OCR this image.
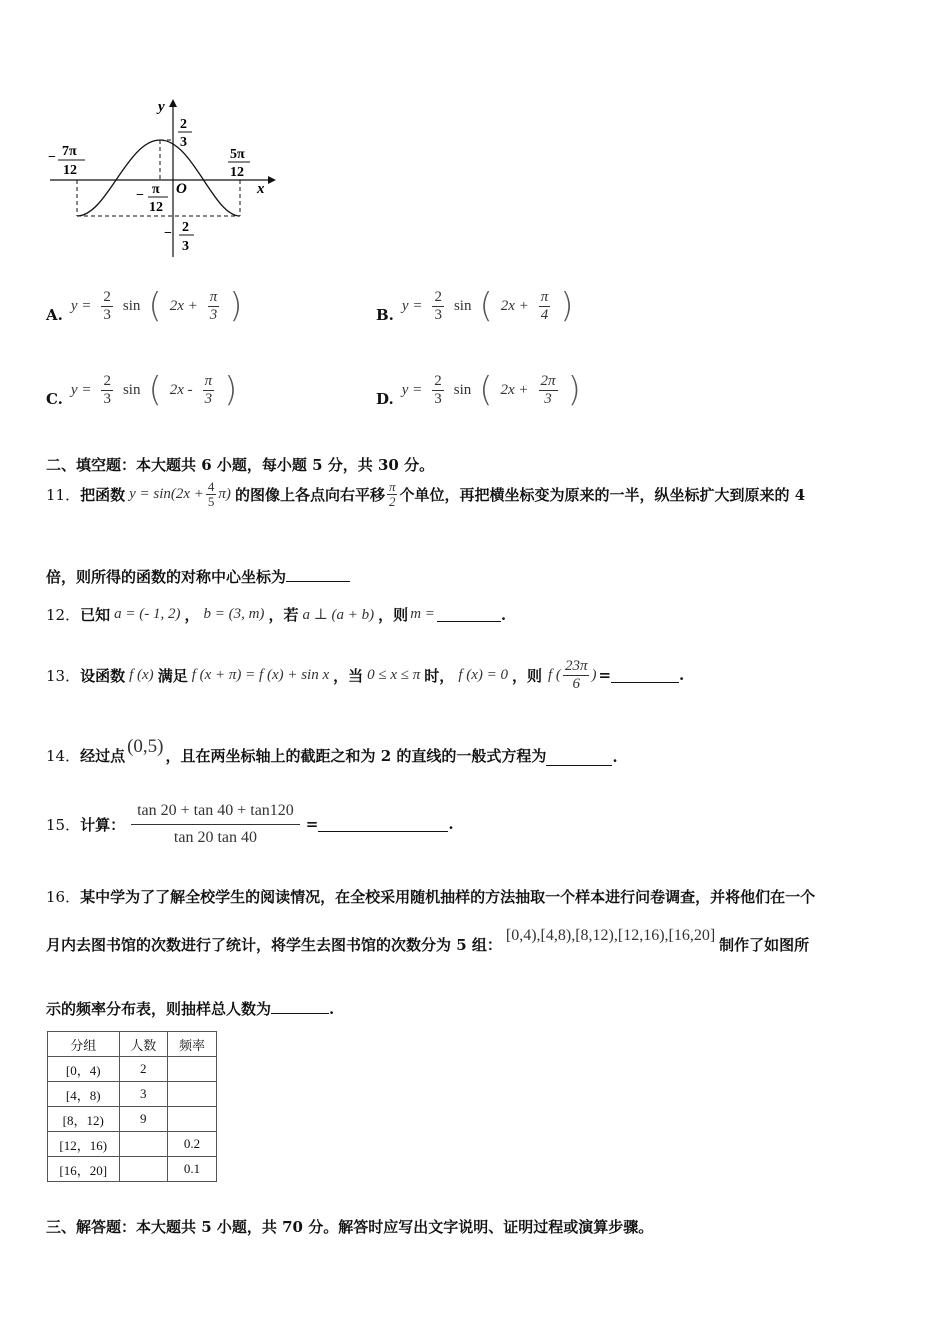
y
x
O
2
3
− 2
3
− 7π
12
− π
12
5π
12
A.
$y = \frac{2}{3}$ sin ( $2x + \frac{\pi}{3}$ )	B.
$y = \frac{2}{3}$ sin ( $2x + \frac{\pi}{4}$ )
C.
$y = \frac{2}{3}$ sin ( $2x - \frac{\pi}{3}$ )	D.
$y = \frac{2}{3}$ sin ( $2x + \frac{2\pi}{3}$ )
二、填空题：本大题共 6 小题，每小题 5 分，共 30 分。
11． 把函数 $y = \sin(2x + \frac{4}{5} \pi)$ 的图像上各点向右平移 $\frac{\pi}{2}$ 个单位，再把横坐标变为原来的一半，纵坐标扩大到原来的 4
倍，则所得的函数的对称中心坐标为
12． 已知 a = (- 1, 2) ， b = (3, m) ，若 a ⊥ (a + b) ，则 m =	.
13． 设函数 f (x) 满足 f (x + π) = f (x) + sin x ，当 0 ≤ x ≤ π 时， f (x) = 0 ，则 f ( $\frac{23\pi}{6}$ ) =	.
14． 经过点 (0,5) ，且在两坐标轴上的截距之和为 2 的直线的一般式方程为	.
15． 计算： $\frac{\tan 20 + \tan 40 + \tan 120}{\tan 20 \tan 40}$ =	.
16．某中学为了了解全校学生的阅读情况，在全校采用随机抽样的方法抽取一个样本进行问卷调查，并将他们在一个
月内去图书馆的次数进行了统计，将学生去图书馆的次数分为 5 组：
[0,4),[4,8),[8,12),[12,16),[16,20]
制作了如图所
示的频率分布表，则抽样总人数为	.
分组	人数	频率
[0，4)	2	
[4，8)	3	
[8，12)	9	
[12，16)		0.2
[16，20]		0.1
三、解答题：本大题共 5 小题，共 70 分。解答时应写出文字说明、证明过程或演算步骤。
